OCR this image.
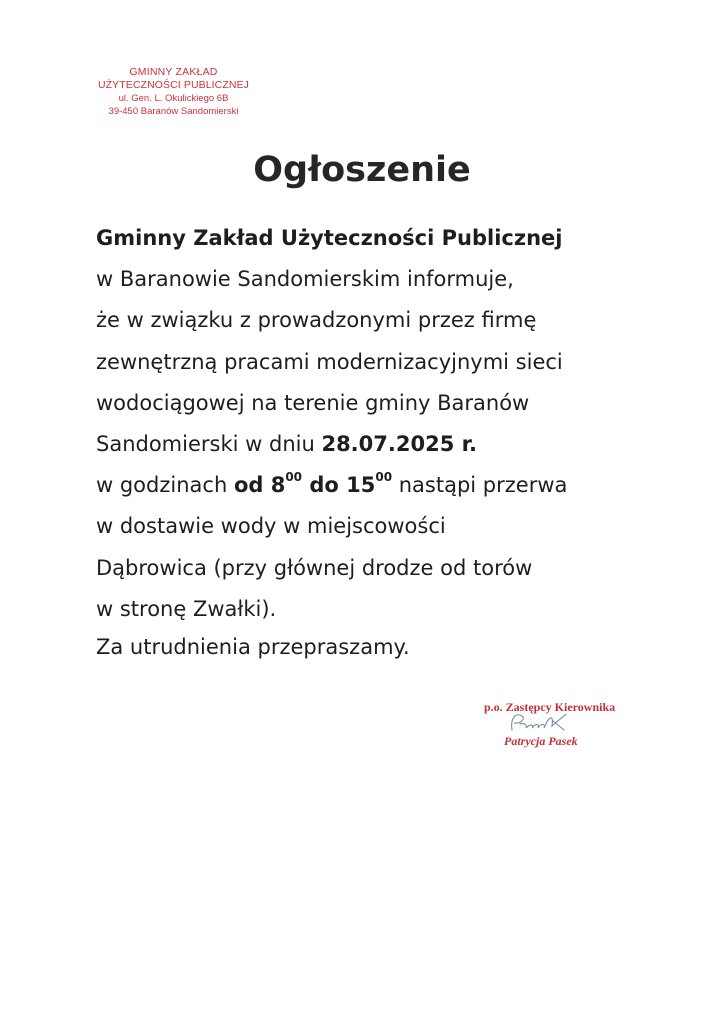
GMINNY ZAKŁAD
UŻYTECZNOŚCI PUBLICZNEJ
ul. Gen. L. Okulickiego 6B
39-450 Baranów Sandomierski
Ogłoszenie
Gminny Zakład Użyteczności Publicznej
w Baranowie Sandomierskim informuje,
że w związku z prowadzonymi przez firmę
zewnętrzną pracami modernizacyjnymi sieci
wodociągowej na terenie gminy Baranów
Sandomierski w dniu 28.07.2025 r.
w godzinach od $8^{00}$ do $15^{00}$ nastąpi przerwa
w dostawie wody w miejscowości
Dąbrowica (przy głównej drodze od torów
w stronę Zwałki).
Za utrudnienia przepraszamy.
p.o. Zastępcy Kierownika
Patrycja Pasek
